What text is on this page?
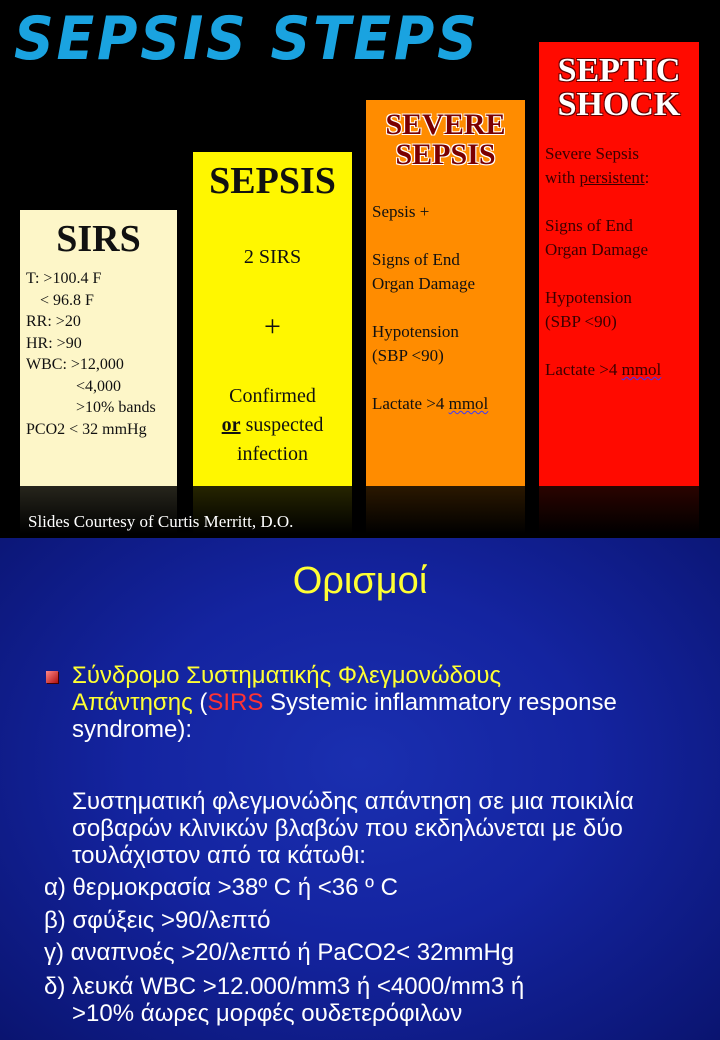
SEPSIS STEPS
SIRS
T: >100.4 F
< 96.8 F
RR: >20
HR: >90
WBC: >12,000
<4,000
>10% bands
PCO2 < 32 mmHg
SEPSIS
2 SIRS
+
Confirmed
or suspected
infection
SEVERE
SEPSIS
Sepsis +
Signs of End
Organ Damage
Hypotension
(SBP <90)
Lactate >4 mmol
SEPTIC
SHOCK
Severe Sepsis
with persistent:
Signs of End
Organ Damage
Hypotension
(SBP <90)
Lactate >4 mmol
Slides Courtesy of Curtis Merritt, D.O.
Ορισμοί
Σύνδρομο Συστηματικής Φλεγμονώδους
Απάντησης (SIRS Systemic inflammatory response syndrome):
Συστηματική φλεγμονώδης απάντηση σε μια ποικιλία σοβαρών κλινικών βλαβών που εκδηλώνεται με δύο τουλάχιστον από τα κάτωθι:
α) θερμοκρασία >38º C ή <36 º C
β) σφύξεις >90/λεπτό
γ) αναπνοές >20/λεπτό ή PaCO2< 32mmHg
δ) λευκά WBC >12.000/mm3 ή <4000/mm3 ή
>10% άωρες μορφές ουδετερόφιλων
